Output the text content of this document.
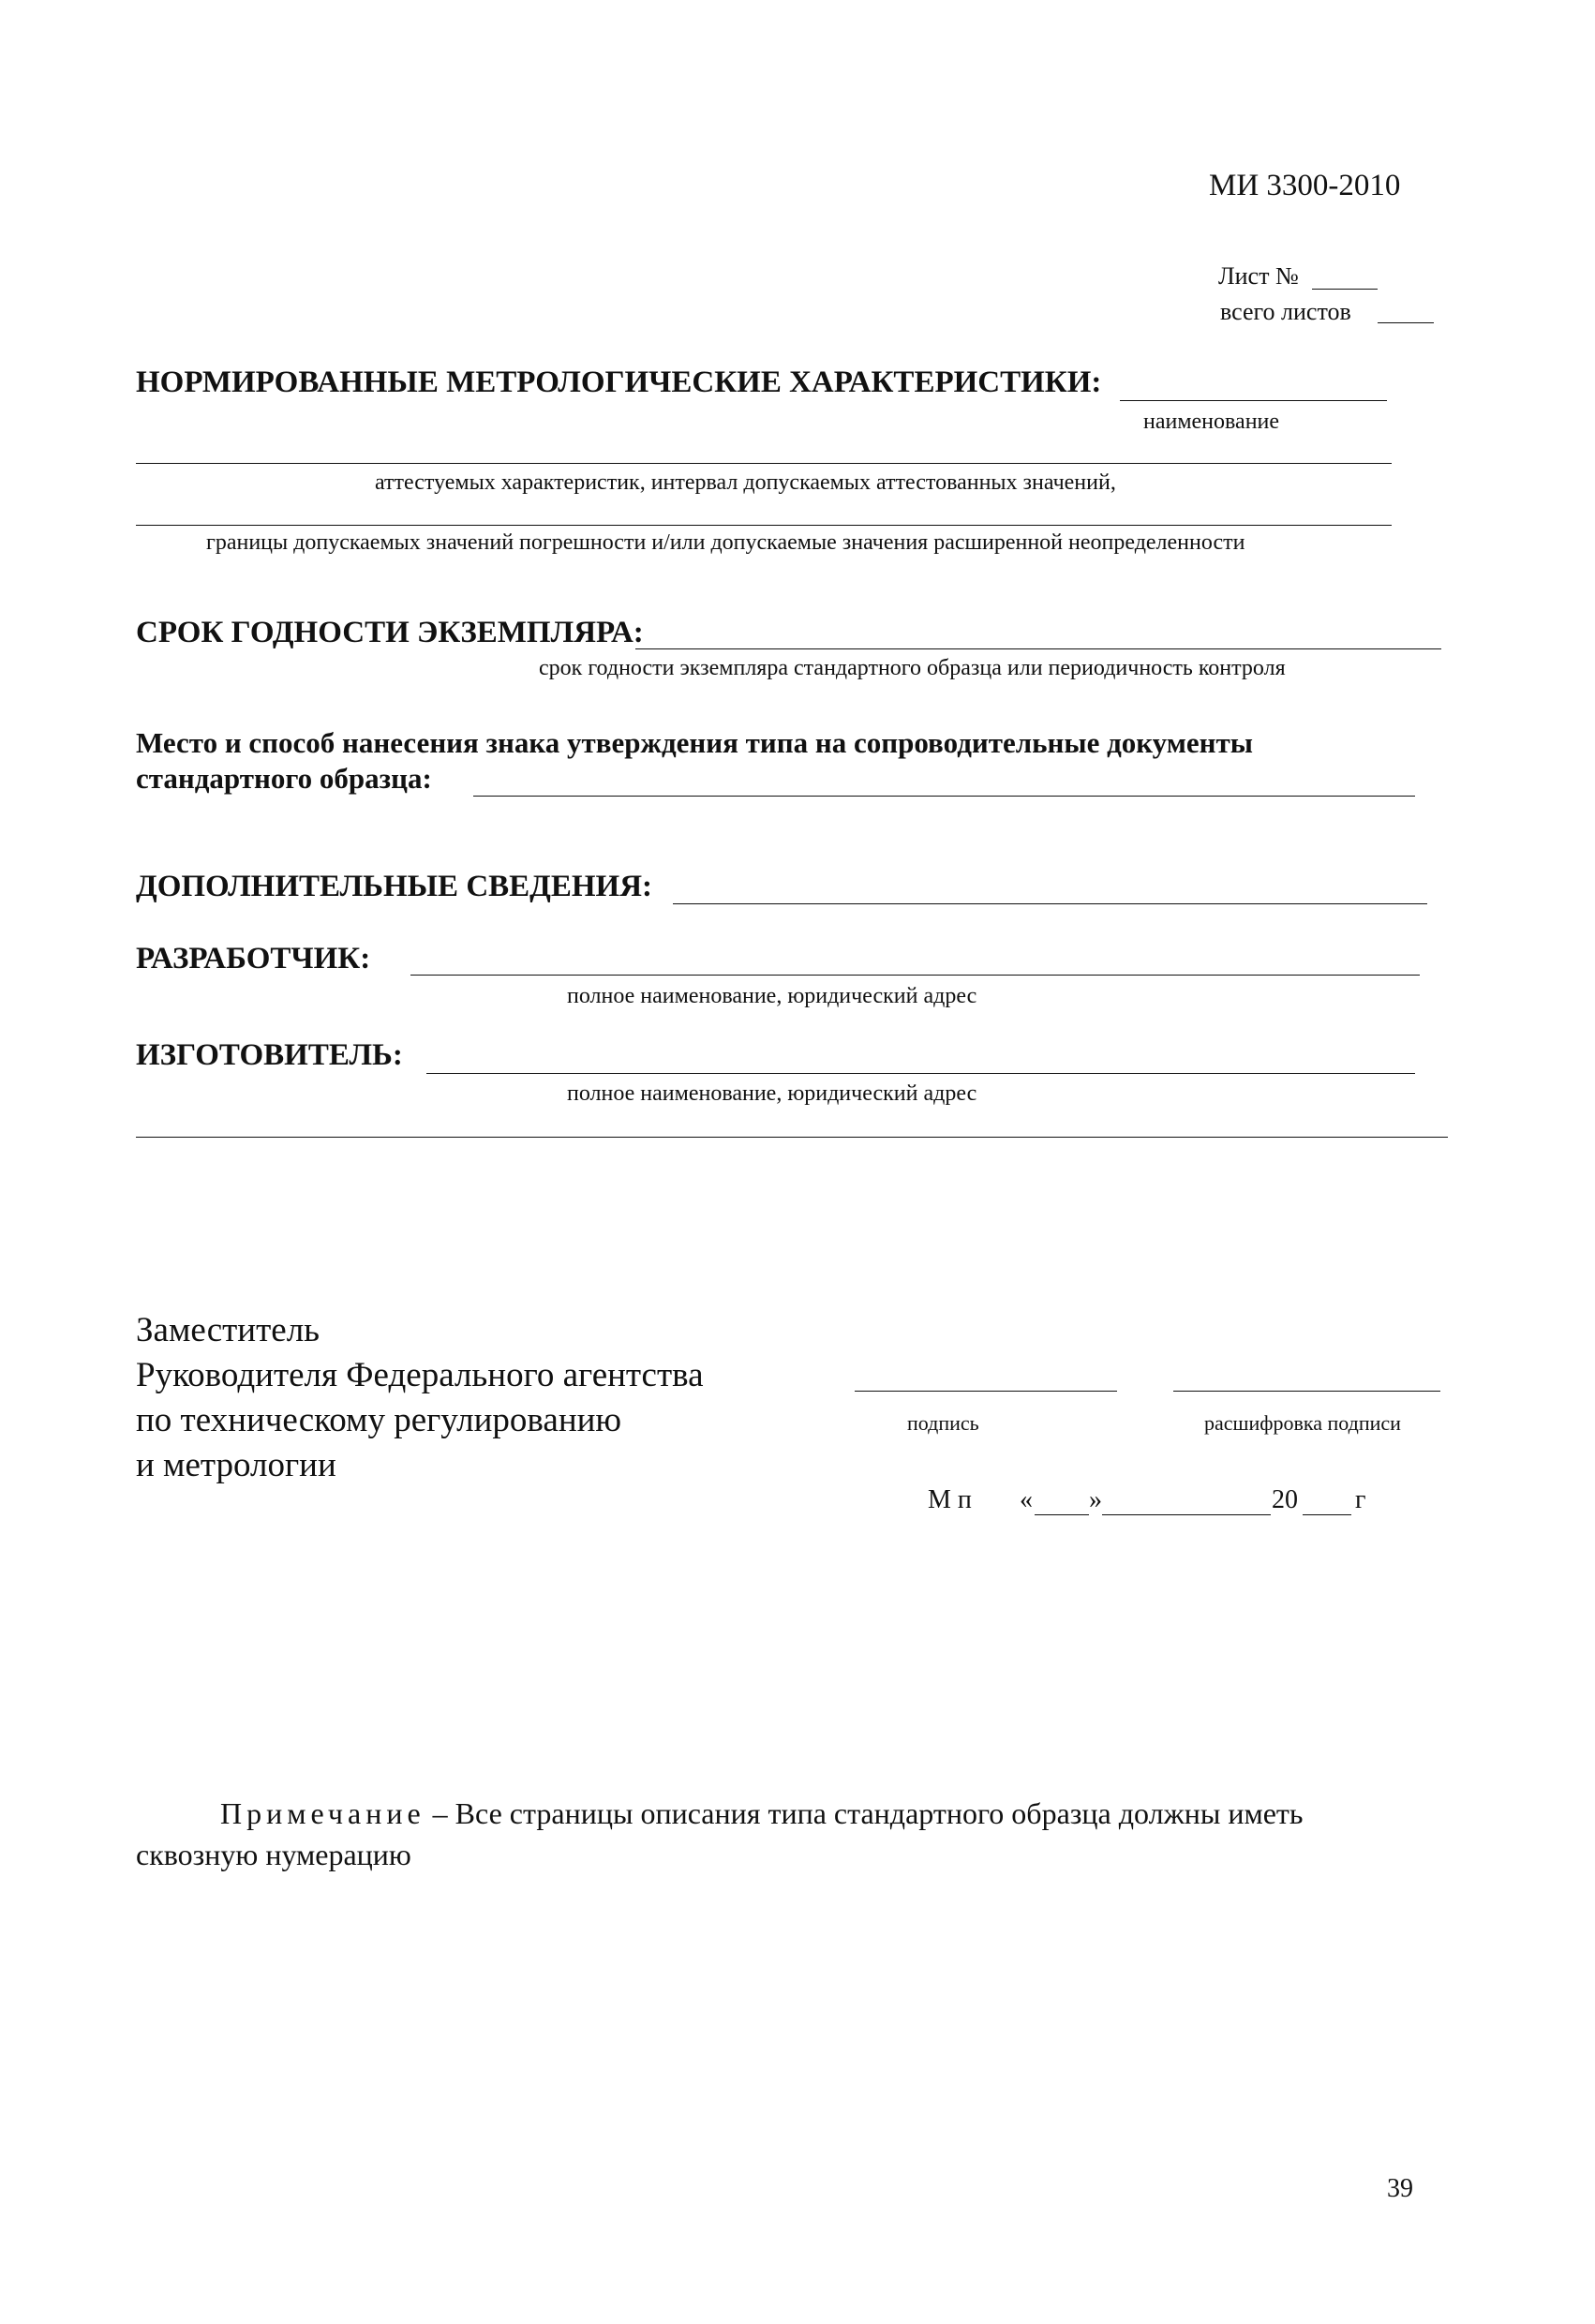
МИ 3300-2010
Лист №
всего листов
НОРМИРОВАННЫЕ МЕТРОЛОГИЧЕСКИЕ ХАРАКТЕРИСТИКИ:
наименование
аттестуемых характеристик, интервал допускаемых аттестованных значений,
границы допускаемых значений погрешности и/или допускаемые значения расширенной неопределенности
СРОК ГОДНОСТИ ЭКЗЕМПЛЯРА:
срок годности экземпляра стандартного образца или периодичность контроля
Место и способ нанесения знака утверждения типа на сопроводительные документы
стандартного образца:
ДОПОЛНИТЕЛЬНЫЕ СВЕДЕНИЯ:
РАЗРАБОТЧИК:
полное наименование, юридический адрес
ИЗГОТОВИТЕЛЬ:
полное наименование, юридический адрес
Заместитель
Руководителя Федерального агентства
по техническому регулированию
и метрологии
подпись	расшифровка подписи
М п « »	20 г
Примечание – Все страницы описания типа стандартного образца должны иметь
сквозную нумерацию
39
